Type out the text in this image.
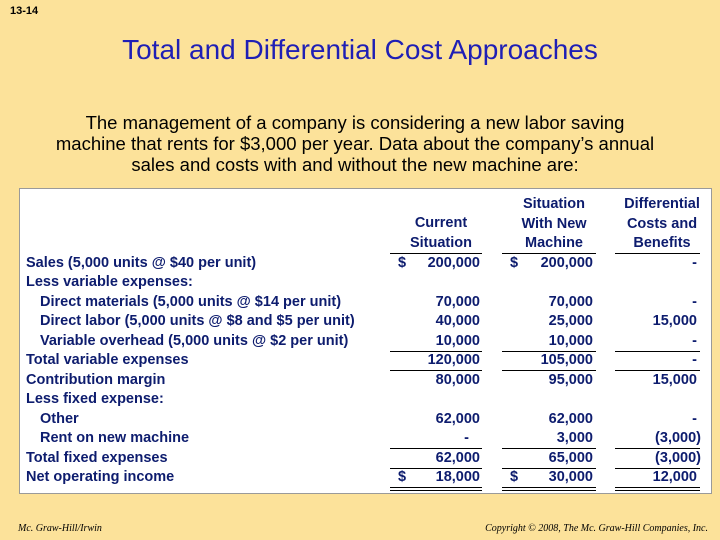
13-14
Total and Differential Cost Approaches
The management of a company is considering a new labor saving machine that rents for $3,000 per year. Data about the company’s annual sales and costs with and without the new machine are:
Current
Situation
Situation
With New
Machine
Differential
Costs and
Benefits
Sales (5,000 units @ $40 per unit)	$ 200,000 $ 200,000	-
Less variable expenses:
Direct materials (5,000 units @ $14 per unit)	70,000	70,000	-
Direct labor (5,000 units @ $8 and $5 per unit)	40,000	25,000	15,000
Variable overhead (5,000 units @ $2 per unit)	10,000	10,000	-
Total variable expenses	120,000	105,000	-
Contribution margin	80,000	95,000	15,000
Less fixed expense:
Other	62,000	62,000	-
Rent on new machine	-	3,000	(3,000)
Total fixed expenses	62,000	65,000	(3,000)
Net operating income	$ 18,000 $ 30,000	12,000
Mc. Graw-Hill/Irwin	Copyright © 2008, The Mc. Graw-Hill Companies, Inc.
